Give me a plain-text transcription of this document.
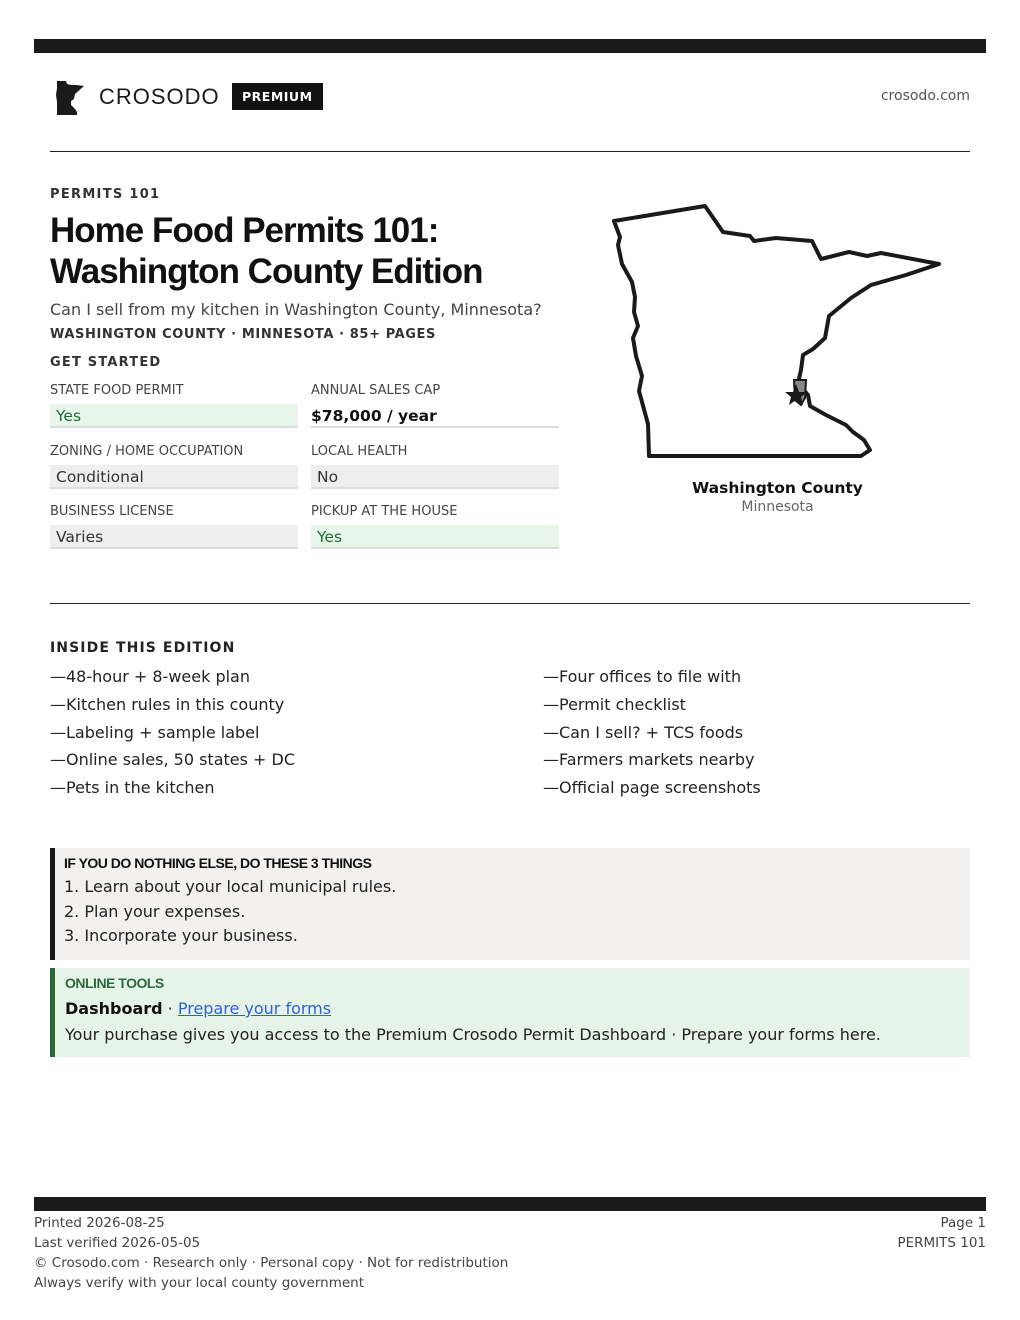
CROSODO	PREMIUM	crosodo.com
PERMITS 101
Home Food Permits 101:
Washington County Edition
Can I sell from my kitchen in Washington County, Minnesota?
WASHINGTON COUNTY · MINNESOTA · 85+ PAGES
GET STARTED
STATE FOOD PERMIT
Yes
ANNUAL SALES CAP
$78,000 / year
ZONING / HOME OCCUPATION
Conditional
LOCAL HEALTH
No
BUSINESS LICENSE
Varies
PICKUP AT THE HOUSE
Yes
Washington County
Minnesota
INSIDE THIS EDITION
—48-hour + 8-week plan
—Kitchen rules in this county
—Labeling + sample label
—Online sales, 50 states + DC
—Pets in the kitchen
—Four offices to file with
—Permit checklist
—Can I sell? + TCS foods
—Farmers markets nearby
—Official page screenshots
IF YOU DO NOTHING ELSE, DO THESE 3 THINGS
1. Learn about your local municipal rules.
2. Plan your expenses.
3. Incorporate your business.
ONLINE TOOLS
Dashboard · Prepare your forms
Your purchase gives you access to the Premium Crosodo Permit Dashboard · Prepare your forms here.
Printed 2026-08-25
Last verified 2026-05-05
© Crosodo.com · Research only · Personal copy · Not for redistribution
Always verify with your local county government
Page 1
PERMITS 101
